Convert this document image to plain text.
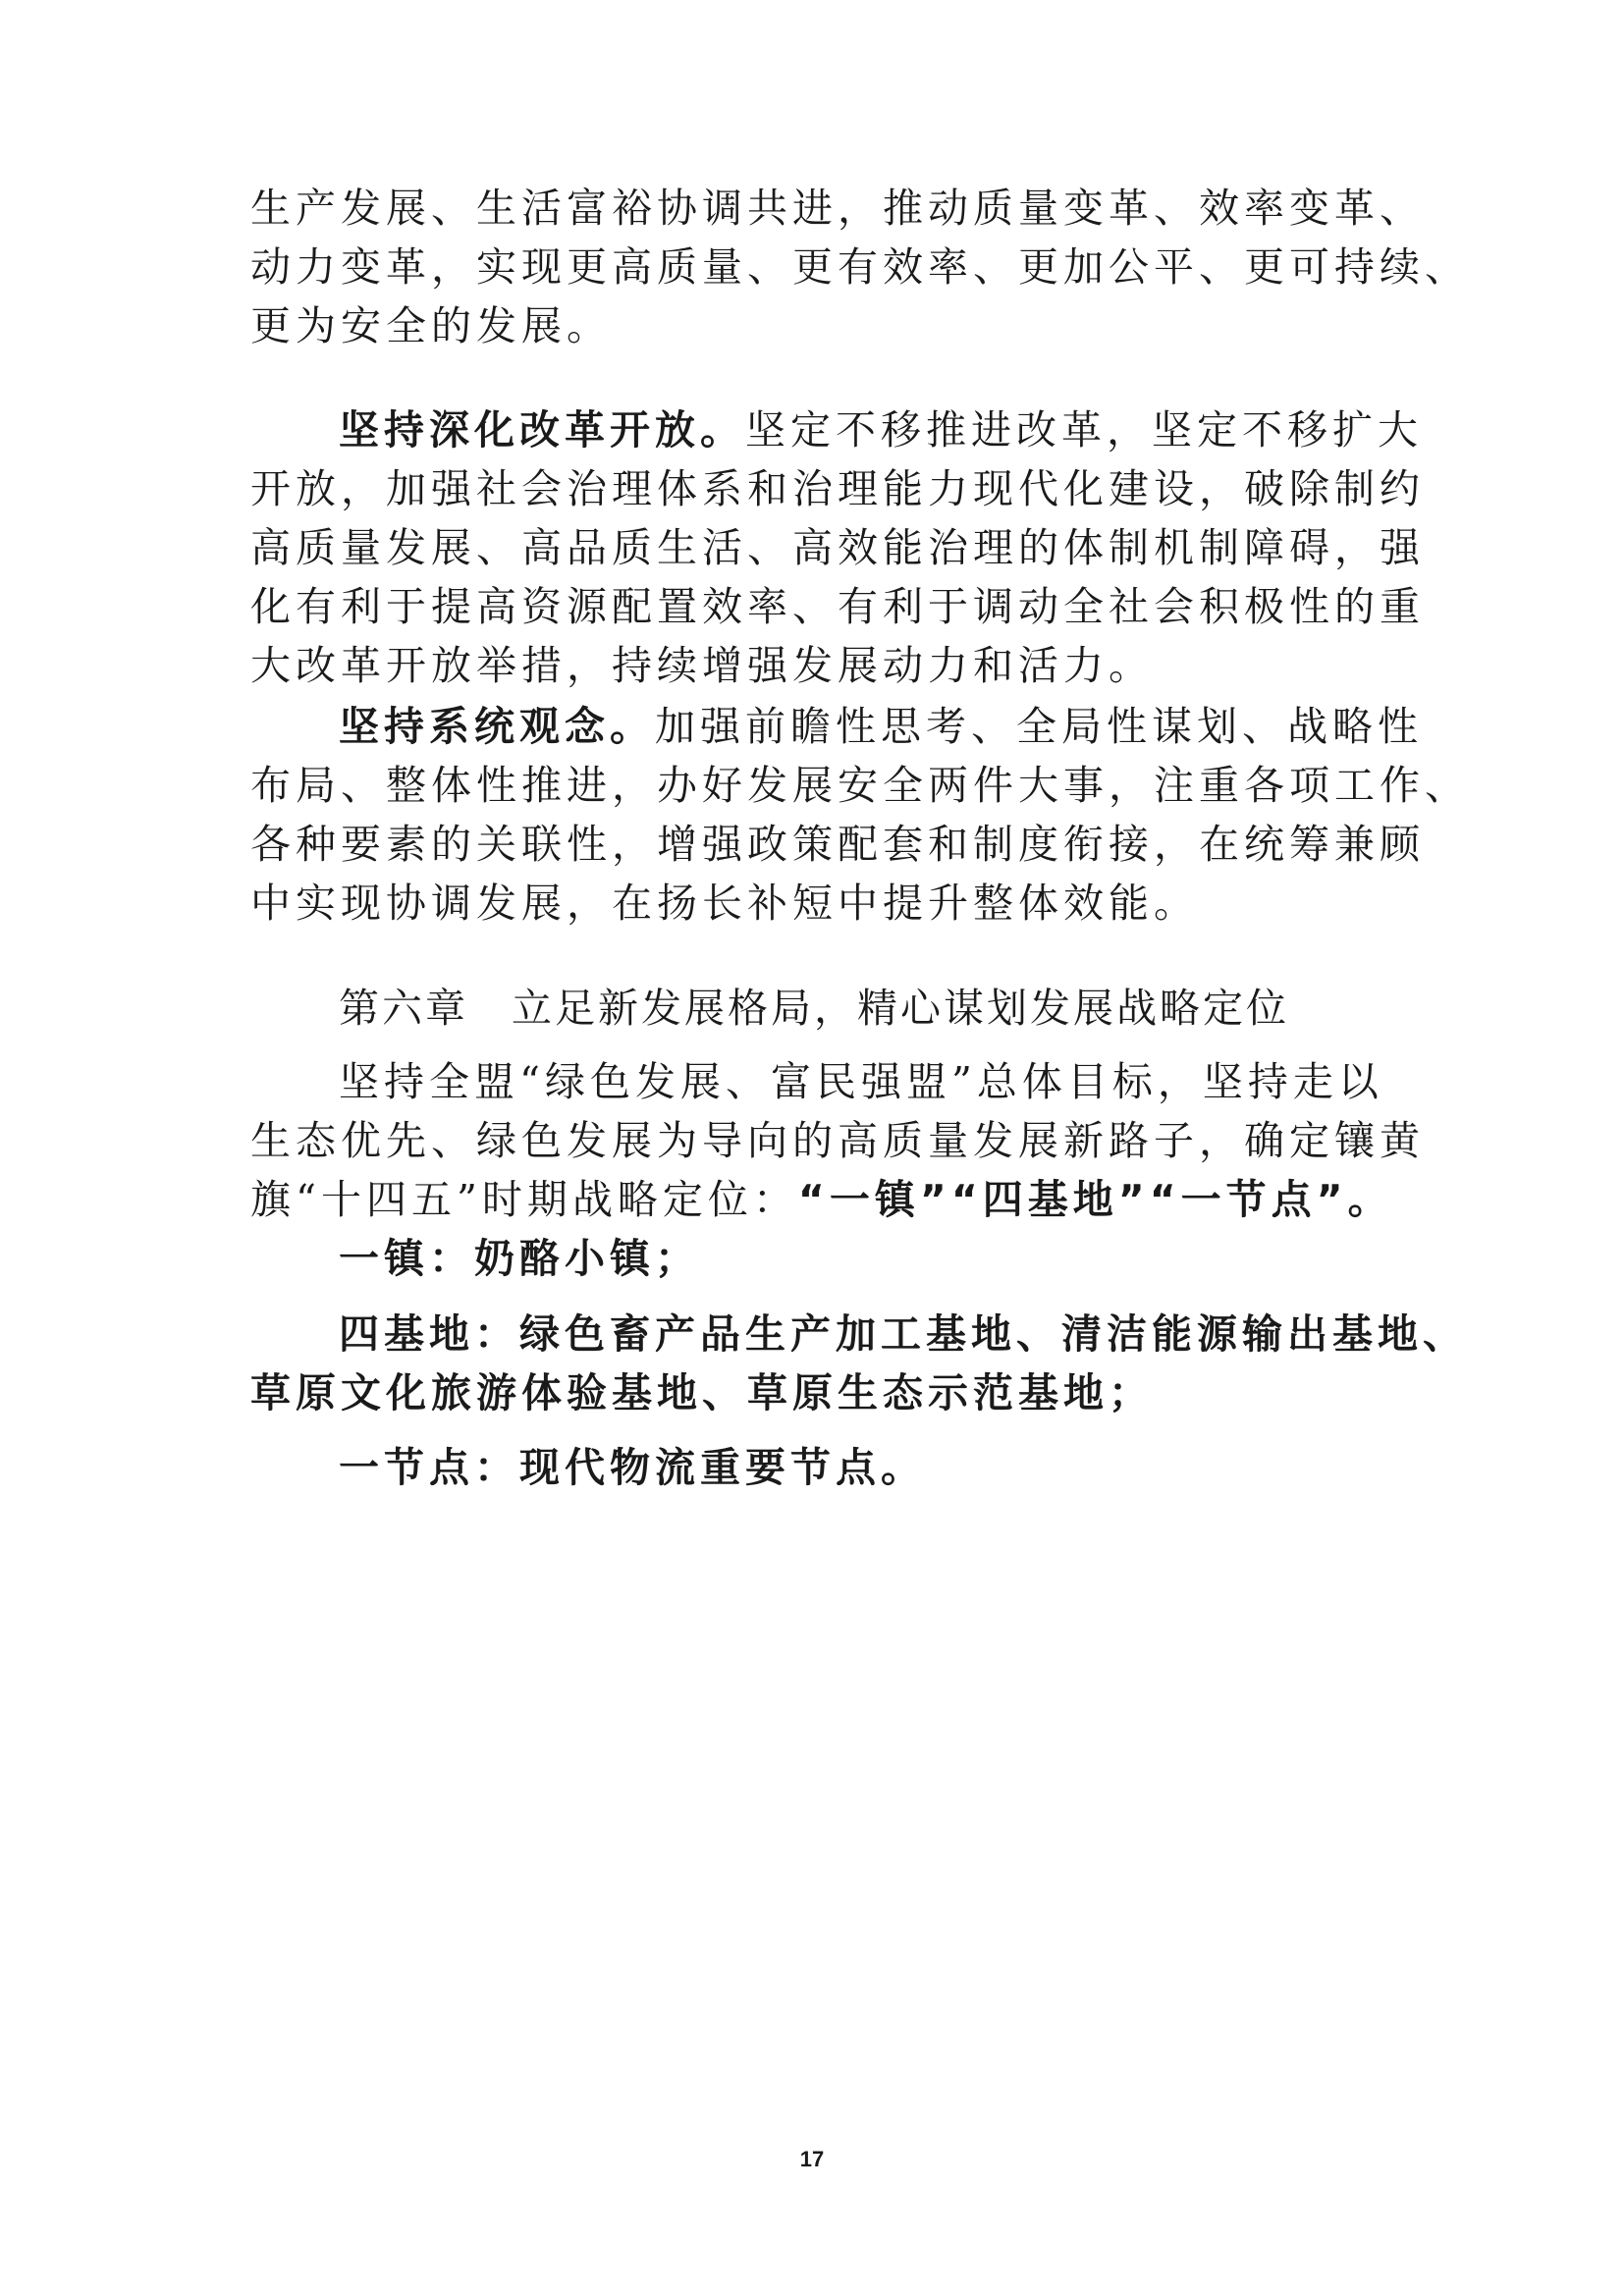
生产发展、生活富裕协调共进，推动质量变革、效率变革、
动力变革，实现更高质量、更有效率、更加公平、更可持续、
更为安全的发展。
坚持深化改革开放。坚定不移推进改革，坚定不移扩大
开放，加强社会治理体系和治理能力现代化建设，破除制约
高质量发展、高品质生活、高效能治理的体制机制障碍，强
化有利于提高资源配置效率、有利于调动全社会积极性的重
大改革开放举措，持续增强发展动力和活力。
坚持系统观念。加强前瞻性思考、全局性谋划、战略性
布局、整体性推进，办好发展安全两件大事，注重各项工作、
各种要素的关联性，增强政策配套和制度衔接，在统筹兼顾
中实现协调发展，在扬长补短中提升整体效能。
第六章　立足新发展格局，精心谋划发展战略定位
坚持全盟“绿色发展、富民强盟”总体目标，坚持走以
生态优先、绿色发展为导向的高质量发展新路子，确定镶黄
旗“十四五”时期战略定位：“一镇”“四基地”“一节点”。
一镇：奶酪小镇；
四基地：绿色畜产品生产加工基地、清洁能源输出基地、
草原文化旅游体验基地、草原生态示范基地；
一节点：现代物流重要节点。
17
